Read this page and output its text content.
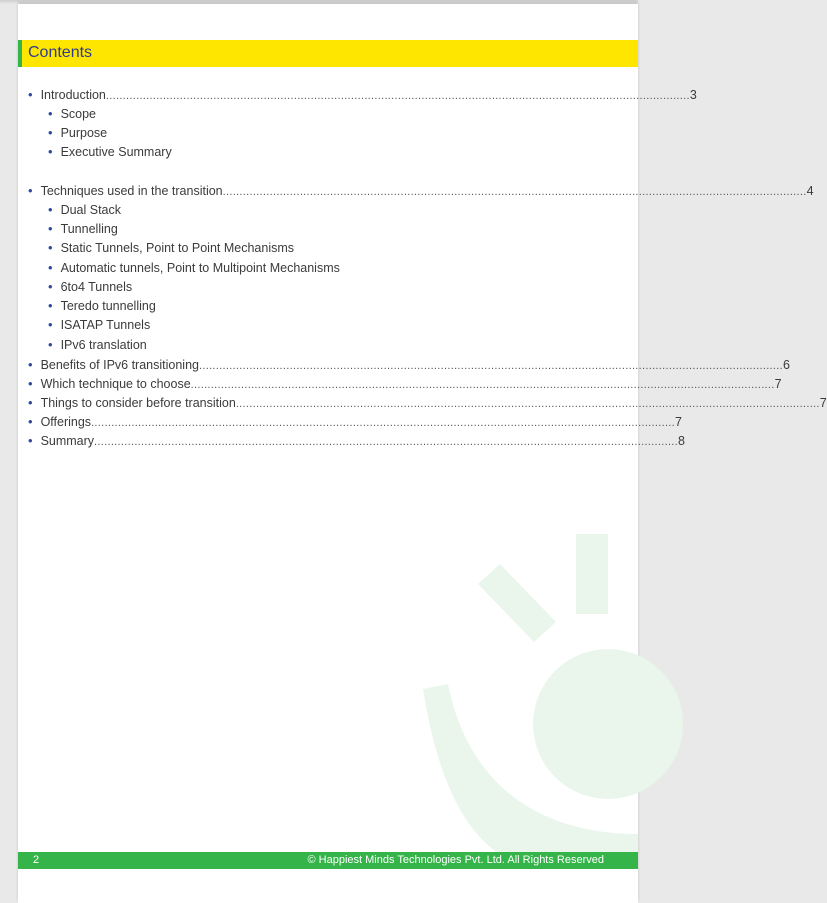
Contents
• Introduction .............................................................................................................................................................................. 3
• Scope
• Purpose
• Executive Summary
• Techniques used in the transition .............................................................................................................................................................................. 4
• Dual Stack
• Tunnelling
• Static Tunnels, Point to Point Mechanisms
• Automatic tunnels, Point to Multipoint Mechanisms
• 6to4 Tunnels
• Teredo tunnelling
• ISATAP Tunnels
• IPv6 translation
• Benefits of IPv6 transitioning .............................................................................................................................................................................. 6
• Which technique to choose .............................................................................................................................................................................. 7
• Things to consider before transition .............................................................................................................................................................................. 7
• Offerings .............................................................................................................................................................................. 7
• Summary .............................................................................................................................................................................. 8
2	© Happiest Minds Technologies Pvt. Ltd. All Rights Reserved
